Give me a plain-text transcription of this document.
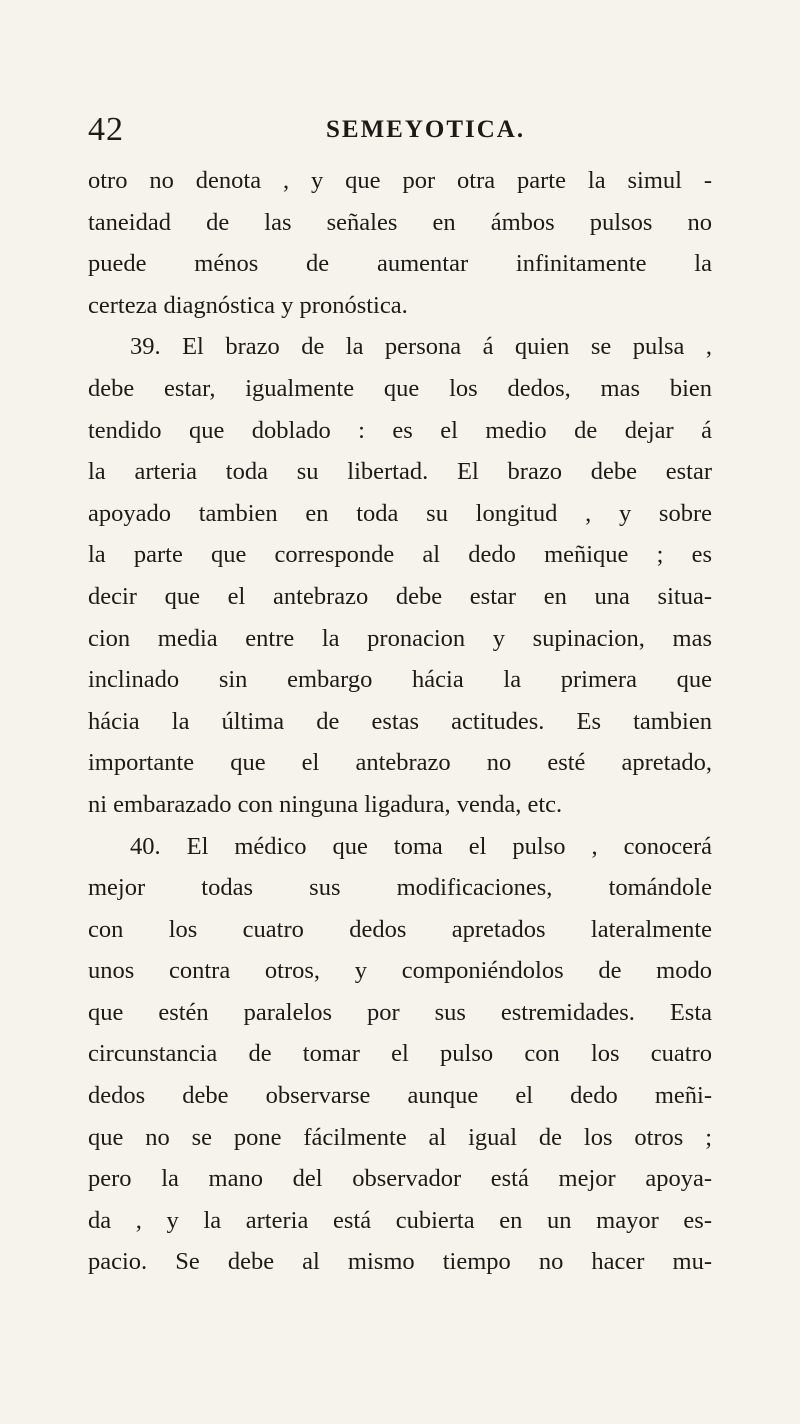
42	SEMEYOTICA.
otro no denota , y que por otra parte la simul -
taneidad de las señales en ámbos pulsos no
puede ménos de aumentar infinitamente la
certeza diagnóstica y pronóstica.
39. El brazo de la persona á quien se pulsa ,
debe estar, igualmente que los dedos, mas bien
tendido que doblado : es el medio de dejar á
la arteria toda su libertad. El brazo debe estar
apoyado tambien en toda su longitud , y sobre
la parte que corresponde al dedo meñique ; es
decir que el antebrazo debe estar en una situa-
cion media entre la pronacion y supinacion, mas
inclinado sin embargo hácia la primera que
hácia la última de estas actitudes. Es tambien
importante que el antebrazo no esté apretado,
ni embarazado con ninguna ligadura, venda, etc.
40. El médico que toma el pulso , conocerá
mejor todas sus modificaciones, tomándole
con los cuatro dedos apretados lateralmente
unos contra otros, y componiéndolos de modo
que estén paralelos por sus estremidades. Esta
circunstancia de tomar el pulso con los cuatro
dedos debe observarse aunque el dedo meñi-
que no se pone fácilmente al igual de los otros ;
pero la mano del observador está mejor apoya-
da , y la arteria está cubierta en un mayor es-
pacio. Se debe al mismo tiempo no hacer mu-
